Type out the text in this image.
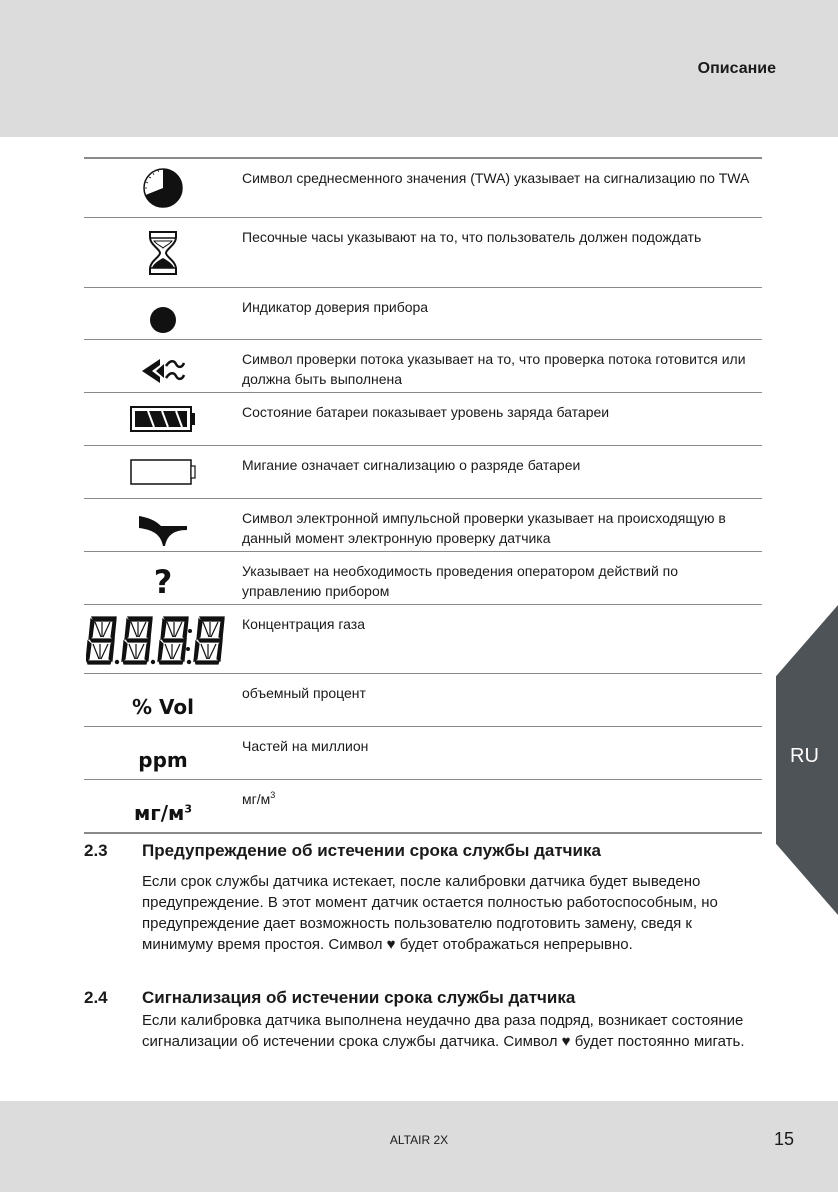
Описание
RU
Символ среднесменного значения (TWA) указывает на сигнализацию по TWA
Песочные часы указывают на то, что пользователь должен подождать
Индикатор доверия прибора
Символ проверки потока указывает на то, что проверка потока готовится или должна быть выполнена
Состояние батареи показывает уровень заряда батареи
Мигание означает сигнализацию о разряде батареи
Символ электронной импульсной проверки указывает на происходящую в данный момент электронную проверку датчика
?	Указывает на необходимость проведения оператором действий по управлению прибором
Концентрация газа
% Vol
объемный процент
ppm
Частей на миллион
$мг/м^3$
$мг/м^3$
2.3 Предупреждение об истечении срока службы датчика
Если срок службы датчика истекает, после калибровки датчика будет выведено предупреждение. В этот момент датчик остается полностью работоспособным, но предупреждение дает возможность пользователю подготовить замену, сведя к минимуму время простоя. Символ ♥ будет отображаться непрерывно.
2.4 Сигнализация об истечении срока службы датчика
Если калибровка датчика выполнена неудачно два раза подряд, возникает состояние сигнализации об истечении срока службы датчика. Символ ♥ будет постоянно мигать.
ALTAIR 2X	15
